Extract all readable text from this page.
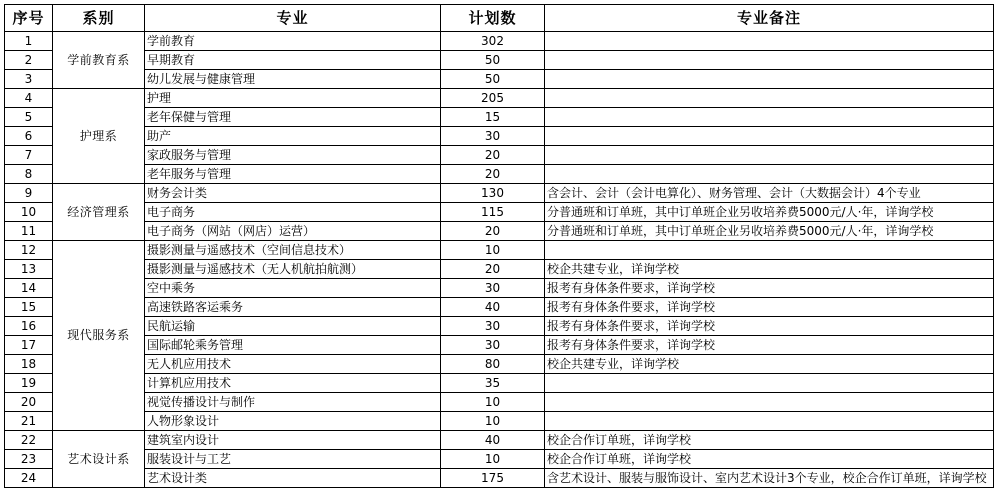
序号	系别	专业	计划数	专业备注
1	学前教育系	学前教育	302	
2		早期教育	50	
3		幼儿发展与健康管理	50	
4	护理系	护理	205	
5		老年保健与管理	15	
6		助产	30	
7		家政服务与管理	20	
8		老年服务与管理	20	
9	经济管理系	财务会计类	130	含会计、会计（会计电算化）、财务管理、会计（大数据会计）4个专业
10		电子商务	115	分普通班和订单班，其中订单班企业另收培养费5000元/人·年，详询学校
11		电子商务（网站（网店）运营）	20	分普通班和订单班，其中订单班企业另收培养费5000元/人·年，详询学校
12	现代服务系	摄影测量与遥感技术（空间信息技术）	10	
13		摄影测量与遥感技术（无人机航拍航测）	20	校企共建专业，详询学校
14		空中乘务	30	报考有身体条件要求，详询学校
15		高速铁路客运乘务	40	报考有身体条件要求，详询学校
16		民航运输	30	报考有身体条件要求，详询学校
17		国际邮轮乘务管理	30	报考有身体条件要求，详询学校
18		无人机应用技术	80	校企共建专业，详询学校
19		计算机应用技术	35	
20		视觉传播设计与制作	10	
21		人物形象设计	10	
22	艺术设计系	建筑室内设计	40	校企合作订单班，详询学校
23		服装设计与工艺	10	校企合作订单班，详询学校
24		艺术设计类	175	含艺术设计、服装与服饰设计、室内艺术设计3个专业，校企合作订单班，详询学校
